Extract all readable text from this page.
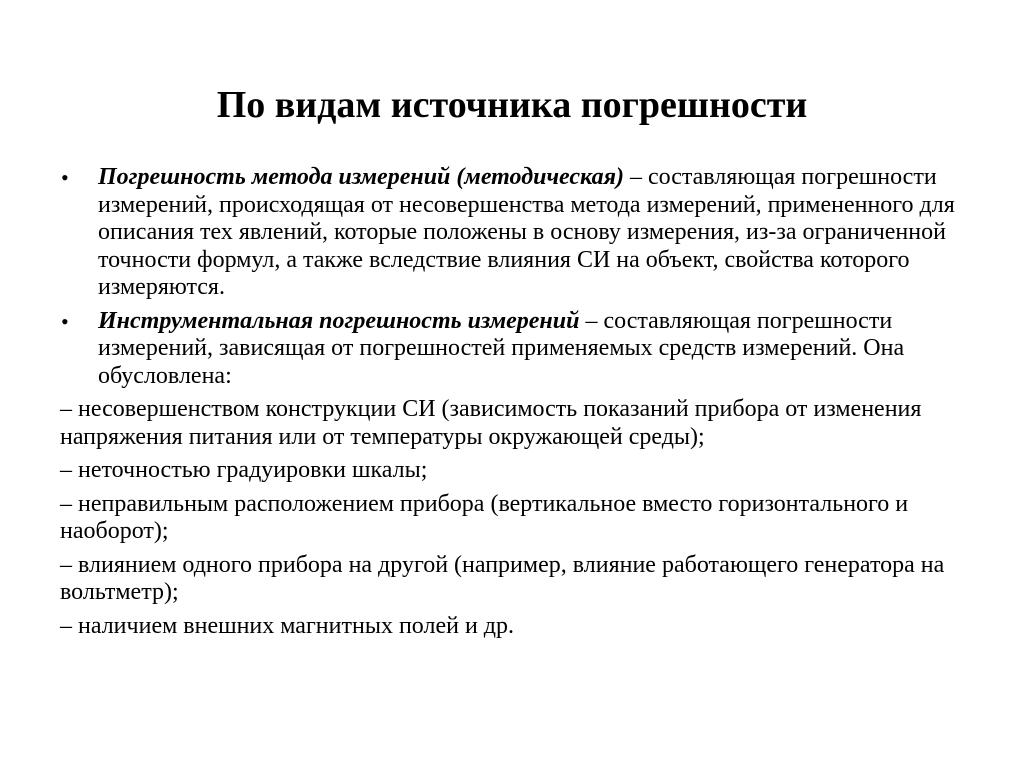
По видам источника погрешности
• Погрешность метода измерений (методическая) – составляющая погрешности измерений, происходящая от несовершенства метода измерений, примененного для описания тех явлений, которые положены в основу измерения, из-за ограниченной точности формул, а также вследствие влияния СИ на объект, свойства которого измеряются.
• Инструментальная погрешность измерений – составляющая погрешности измерений, зависящая от погрешностей применяемых средств измерений. Она обусловлена:
– несовершенством конструкции СИ (зависимость показаний прибора от изменения напряжения питания или от температуры окружающей среды);
– неточностью градуировки шкалы;
– неправильным расположением прибора (вертикальное вместо горизонтального и наоборот);
– влиянием одного прибора на другой (например, влияние работающего генератора на вольтметр);
– наличием внешних магнитных полей и др.
